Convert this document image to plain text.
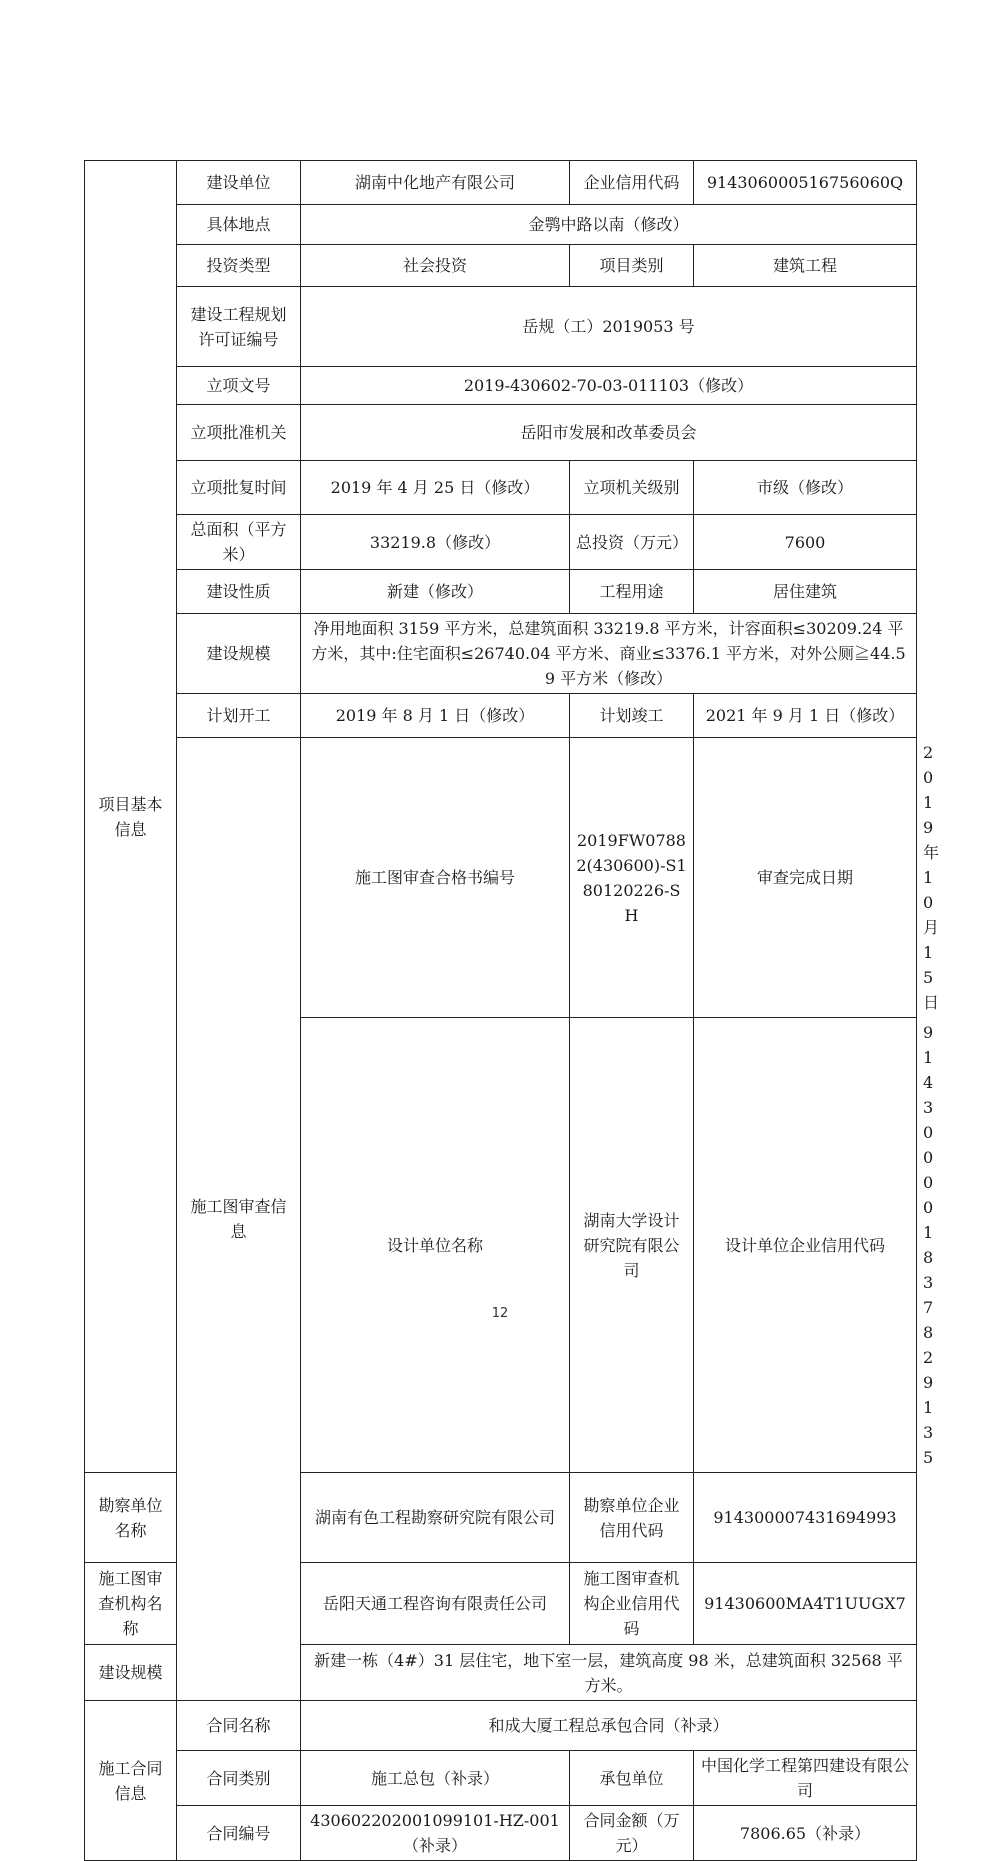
项目基本信息	建设单位	湖南中化地产有限公司	企业信用代码	914306000516756060Q	
	具体地点	金鹗中路以南（修改）			
	投资类型	社会投资	项目类别	建筑工程	
	建设工程规划许可证编号	岳规（工）2019053 号			
	立项文号	2019-430602-70-03-011103（修改）			
	立项批准机关	岳阳市发展和改革委员会			
	立项批复时间	2019 年 4 月 25 日（修改）	立项机关级别	市级（修改）	
	总面积（平方米）	33219.8（修改）	总投资（万元）	7600	
	建设性质	新建（修改）	工程用途	居住建筑	
	建设规模	净用地面积 3159 平方米，总建筑面积 33219.8 平方米，计容面积≤30209.24 平方米，其中:住宅面积≤26740.04 平方米、商业≤3376.1 平方米，对外公厕≧44.59 平方米（修改）			
	计划开工	2019 年 8 月 1 日（修改）	计划竣工	2021 年 9 月 1 日（修改）	
	施工图审查信息	施工图审查合格书编号	2019FW07882(430600)-S180120226-SH	审查完成日期	2019 年 10 月 15 日
		设计单位名称	湖南大学设计研究院有限公司	设计单位企业信用代码	914300001837829135
勘察单位名称		湖南有色工程勘察研究院有限公司	勘察单位企业信用代码	914300007431694993	
施工图审查机构名称		岳阳天通工程咨询有限责任公司	施工图审查机构企业信用代码	91430600MA4T1UUGX7	
建设规模		新建一栋（4#）31 层住宅，地下室一层，建筑高度 98 米，总建筑面积 32568 平方米。			
施工合同信息	合同名称	和成大厦工程总承包合同（补录）			
	合同类别	施工总包（补录）	承包单位	中国化学工程第四建设有限公司	
	合同编号	430602202001099101-HZ-001（补录）	合同金额（万元）	7806.65（补录）	
12
